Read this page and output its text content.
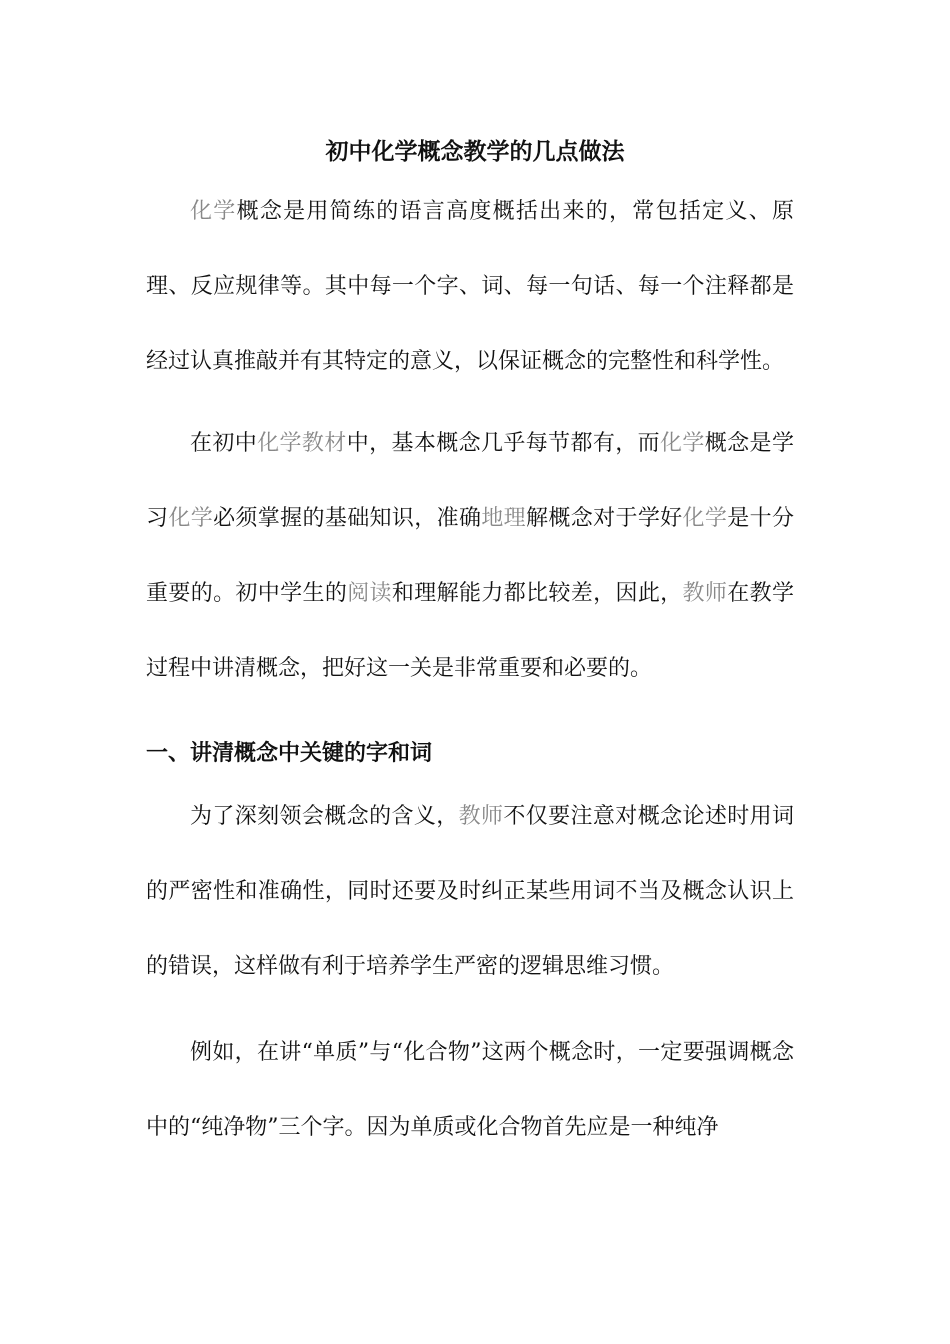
初中化学概念教学的几点做法

化学概念是用简练的语言高度概括出来的，常包括定义、原理、反应规律等。其中每一个字、词、每一句话、每一个注释都是经过认真推敲并有其特定的意义，以保证概念的完整性和科学性。

在初中化学教材中，基本概念几乎每节都有，而化学概念是学习化学必须掌握的基础知识，准确地理解概念对于学好化学是十分重要的。初中学生的阅读和理解能力都比较差，因此，教师在教学过程中讲清概念，把好这一关是非常重要和必要的。

一、讲清概念中关键的字和词

为了深刻领会概念的含义，教师不仅要注意对概念论述时用词的严密性和准确性，同时还要及时纠正某些用词不当及概念认识上的错误，这样做有利于培养学生严密的逻辑思维习惯。

例如，在讲“单质”与“化合物”这两个概念时，一定要强调概念中的“纯净物”三个字。因为单质或化合物首先应是一种纯净
